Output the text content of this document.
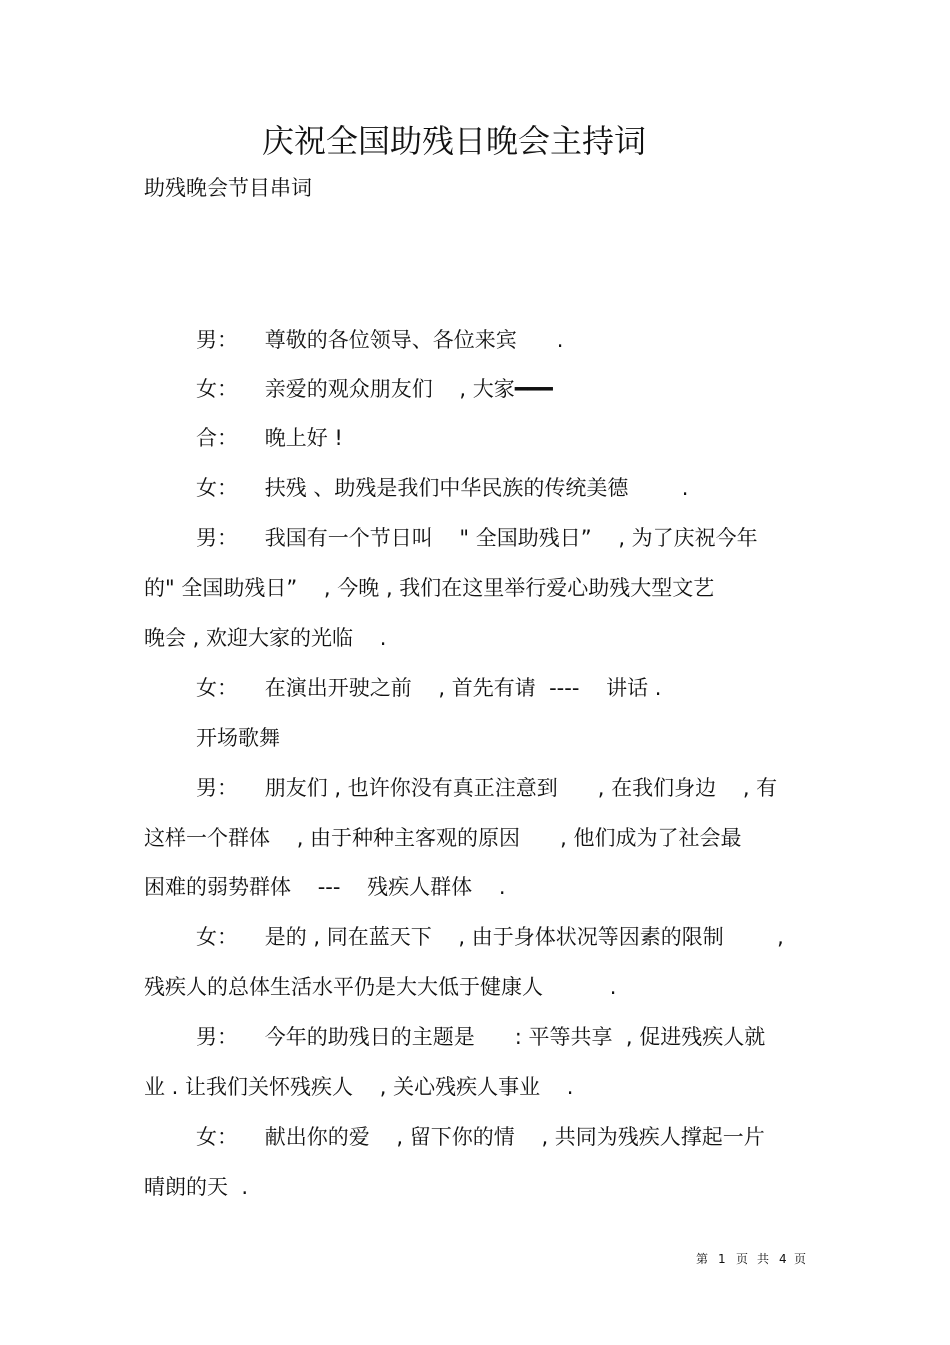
庆祝全国助残日晚会主持词
助残晚会节目串词
男：    尊敬的各位领导、各位来宾      .
女：    亲爱的观众朋友们    , 大家━━━
合：    晚上好 !
女：    扶残 、助残是我们中华民族的传统美德        .
男：    我国有一个节日叫    " 全国助残日”    , 为了庆祝今年
的" 全国助残日”    , 今晚 , 我们在这里举行爱心助残大型文艺
晚会 , 欢迎大家的光临    .
女：    在演出开驶之前    , 首先有请  ----    讲话 .
开场歌舞
男：    朋友们 , 也许你没有真正注意到      , 在我们身边    , 有
这样一个群体    , 由于种种主客观的原因      , 他们成为了社会最
困难的弱势群体    ---    残疾人群体    .
女：    是的 , 同在蓝天下    , 由于身体状况等因素的限制        ,
残疾人的总体生活水平仍是大大低于健康人          .
男：    今年的助残日的主题是      : 平等共享  , 促进残疾人就
业 . 让我们关怀残疾人    , 关心残疾人事业    .
女：    献出你的爱    , 留下你的情    , 共同为残疾人撑起一片
晴朗的天  .
第 1 页 共 4 页
